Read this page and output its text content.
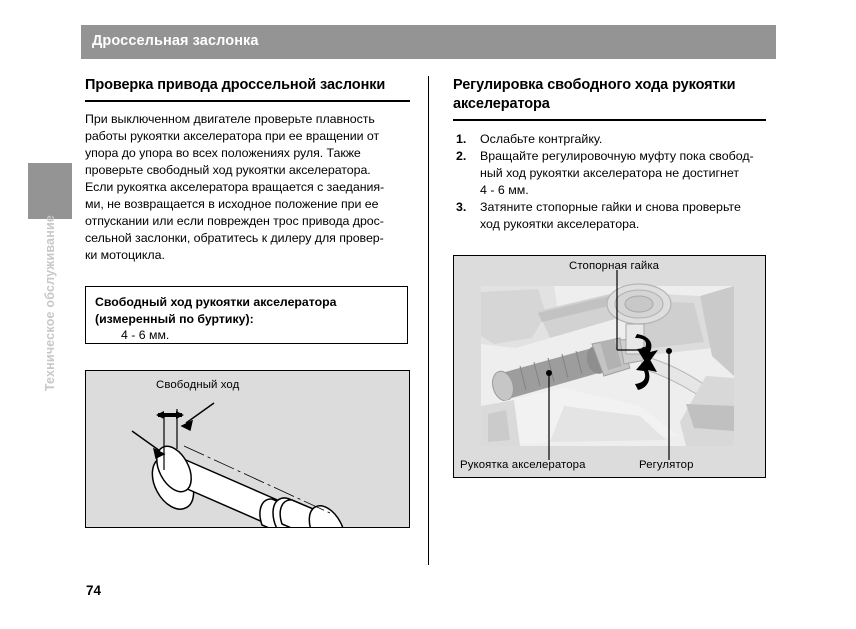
Техническое обслуживание
Дроссельная заслонка
Проверка привода дроссельной заслонки

При выключенном двигателе проверьте плавность
работы рукоятки акселератора при ее вращении от
упора до упора во всех положениях руля. Также
проверьте свободный ход рукоятки акселератора.
Если рукоятка акселератора вращается с заедания-
ми, не возвращается в исходное положение при ее
отпускании или если поврежден трос привода дрос-
сельной заслонки, обратитесь к дилеру для провер-
ки мотоцикла.

Свободный ход рукоятки акселератора
(измеренный по буртику):
4 - 6 мм.
Свободный ход
Регулировка свободного хода рукоятки
акселератора
1. Ослабьте контргайку.
2. Вращайте регулировочную муфту пока свобод-
ный ход рукоятки акселератора не достигнет
4 - 6 мм.
3. Затяните стопорные гайки и снова проверьте
ход рукоятки акселератора.
Стопорная гайка
Рукоятка акселератора	Регулятор
74
